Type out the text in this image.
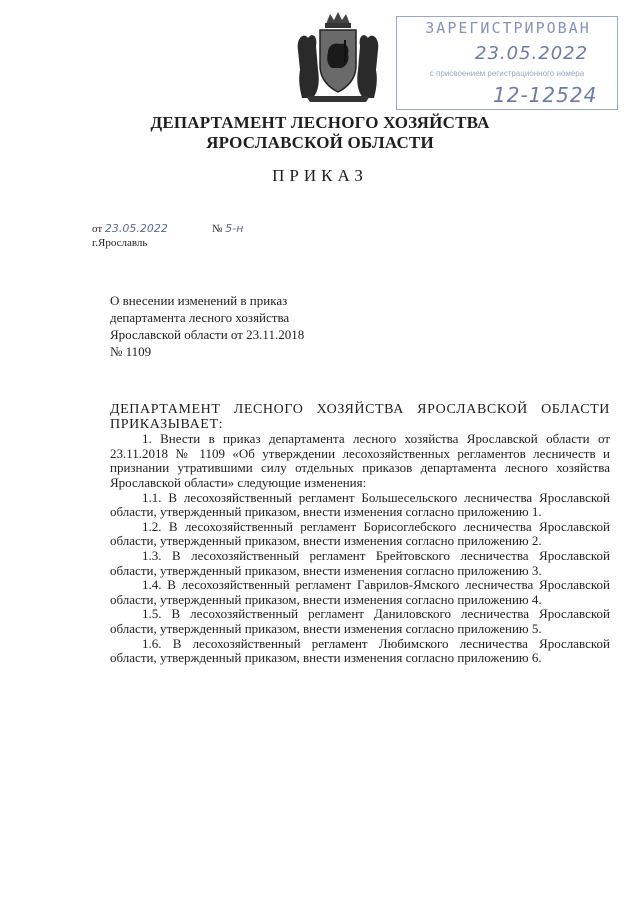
ЗАРЕГИСТРИРОВАН
23.05.2022
с присвоением регистрационного номера
12-12524
ДЕПАРТАМЕНТ ЛЕСНОГО ХОЗЯЙСТВА
ЯРОСЛАВСКОЙ ОБЛАСТИ
ПРИКАЗ
от 23.05.2022	№ 5-н
г.Ярославль
О внесении изменений в приказ
департамента лесного хозяйства
Ярославской области от 23.11.2018
№ 1109

ДЕПАРТАМЕНТ ЛЕСНОГО ХОЗЯЙСТВА ЯРОСЛАВСКОЙ ОБЛАСТИ ПРИКАЗЫВАЕТ:

1. Внести в приказ департамента лесного хозяйства Ярославской области от 23.11.2018 № 1109 «Об утверждении лесохозяйственных регламентов лесничеств и признании утратившими силу отдельных приказов департамента лесного хозяйства Ярославской области» следующие изменения:

1.1. В лесохозяйственный регламент Большесельского лесничества Ярославской области, утвержденный приказом, внести изменения согласно приложению 1.

1.2. В лесохозяйственный регламент Борисоглебского лесничества Ярославской области, утвержденный приказом, внести изменения согласно приложению 2.

1.3. В лесохозяйственный регламент Брейтовского лесничества Ярославской области, утвержденный приказом, внести изменения согласно приложению 3.

1.4. В лесохозяйственный регламент Гаврилов-Ямского лесничества Ярославской области, утвержденный приказом, внести изменения согласно приложению 4.

1.5. В лесохозяйственный регламент Даниловского лесничества Ярославской области, утвержденный приказом, внести изменения согласно приложению 5.

1.6. В лесохозяйственный регламент Любимского лесничества Ярославской области, утвержденный приказом, внести изменения согласно приложению 6.
